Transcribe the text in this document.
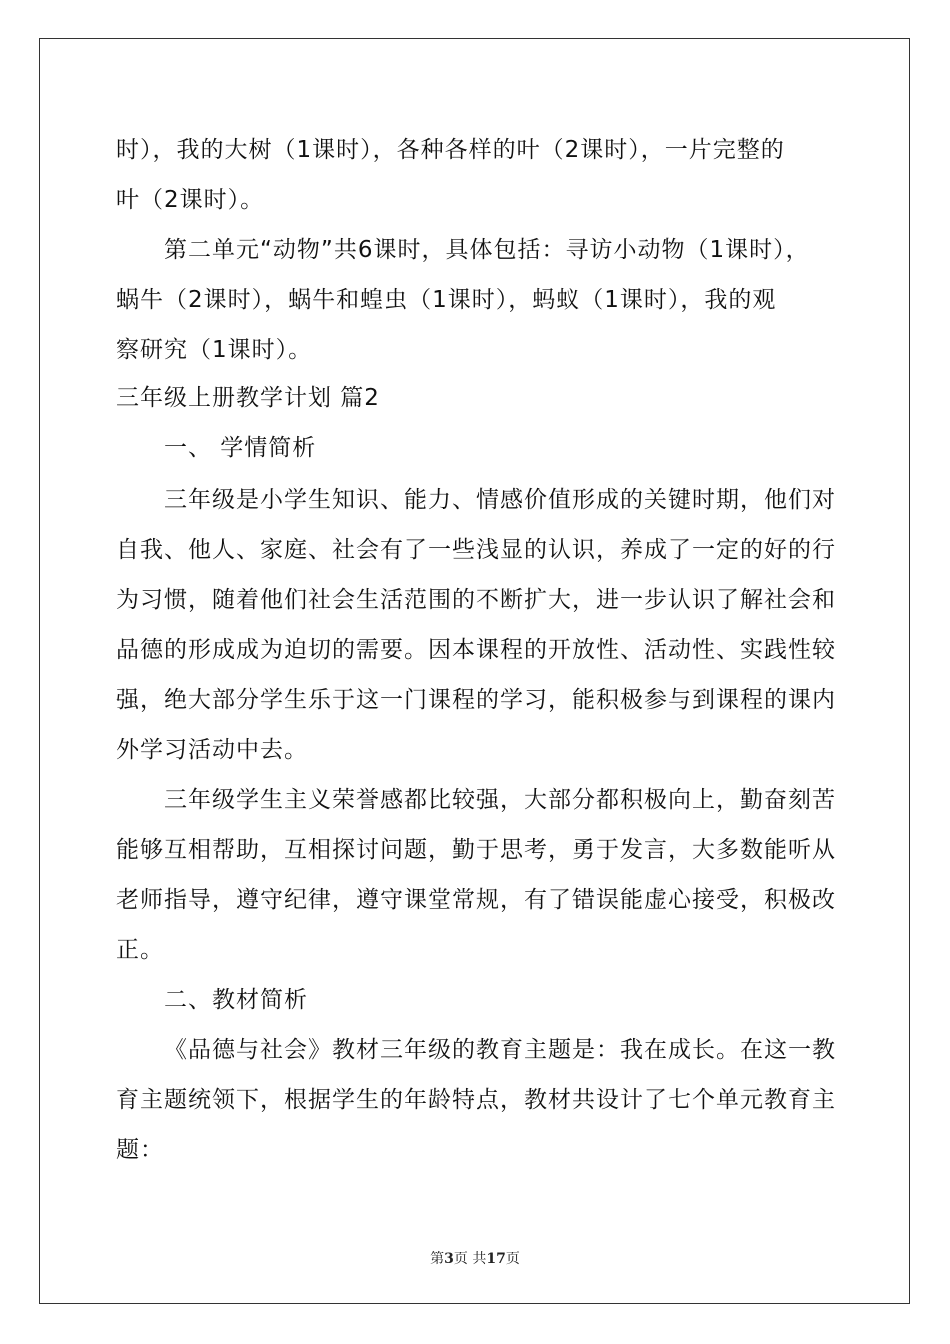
时），我的大树（1课时），各种各样的叶（2课时），一片完整的
叶（2课时）。
第二单元“动物”共6课时，具体包括：寻访小动物（1课时），
蜗牛（2课时），蜗牛和蝗虫（1课时），蚂蚁（1课时），我的观
察研究（1课时）。
三年级上册教学计划 篇2
一、 学情简析
三年级是小学生知识、能力、情感价值形成的关键时期，他们对
自我、他人、家庭、社会有了一些浅显的认识，养成了一定的好的行
为习惯，随着他们社会生活范围的不断扩大，进一步认识了解社会和
品德的形成成为迫切的需要。因本课程的开放性、活动性、实践性较
强，绝大部分学生乐于这一门课程的学习，能积极参与到课程的课内
外学习活动中去。
三年级学生主义荣誉感都比较强，大部分都积极向上，勤奋刻苦
能够互相帮助，互相探讨问题，勤于思考，勇于发言，大多数能听从
老师指导，遵守纪律，遵守课堂常规，有了错误能虚心接受，积极改
正。
二、教材简析
《品德与社会》教材三年级的教育主题是：我在成长。在这一教
育主题统领下，根据学生的年龄特点，教材共设计了七个单元教育主
题：
第3页 共17页
